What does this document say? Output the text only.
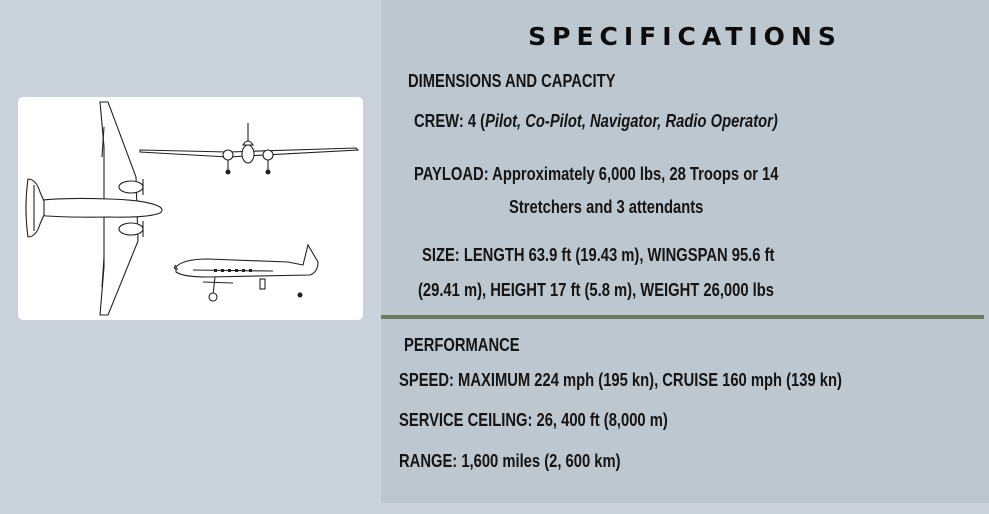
SPECIFICATIONS
DIMENSIONS AND CAPACITY
CREW: 4 (Pilot, Co-Pilot, Navigator, Radio Operator)
PAYLOAD: Approximately 6,000 lbs, 28 Troops or 14
Stretchers and 3 attendants
SIZE: LENGTH 63.9 ft (19.43 m), WINGSPAN 95.6 ft
(29.41 m), HEIGHT 17 ft (5.8 m), WEIGHT 26,000 lbs
PERFORMANCE
SPEED: MAXIMUM 224 mph (195 kn), CRUISE 160 mph (139 kn)
SERVICE CEILING: 26, 400 ft (8,000 m)
RANGE: 1,600 miles (2, 600 km)
